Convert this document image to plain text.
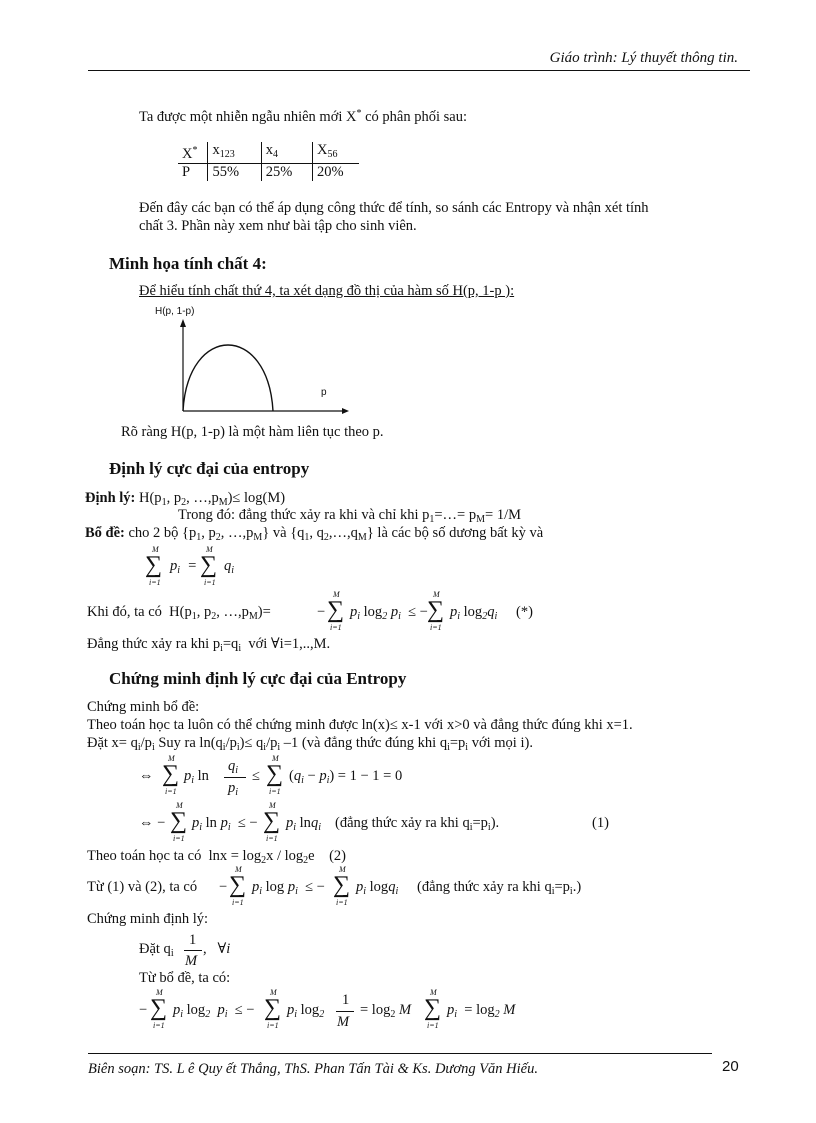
Giáo trình: Lý thuyết thông tin.
Ta được một nhiễn ngẫu nhiên mới X* có phân phối sau:
X*	$x_{123}$	$x_4$	$X_{56}$
P	55%	25%	20%
Đến đây các bạn có thể áp dụng công thức để tính, so sánh các Entropy và nhận xét tính
chất 3. Phần này xem như bài tập cho sinh viên.
Minh họa tính chất 4:
Để hiểu tính chất thứ 4, ta xét dạng đồ thị của hàm số H(p, 1-p ):
H(p, 1-p)
p
Rõ ràng H(p, 1-p) là một hàm liên tục theo p.
Định lý cực đại của entropy
Định lý: $H(p_1$, $p_2$, $\dots,p_M)\le \log(M)$
Trong đó: đẳng thức xảy ra khi và chỉ khi $p_1=\dots= p_M= 1/M$
Bổ đề: cho 2 bộ {$p_1$, $p_2$, $\dots,p_M$} và {$q_1$, $q_2,\dots,q_M$} là các bộ số dương bất kỳ và
M
∑
i=1
$p_i$  =
M
∑
i=1
$q_i$
Khi đó, ta có  $H(p_1$, $p_2$, $\dots,p_M)=$	−
M
∑
i=1
$p_i$ $\log_2 p_i$ ≤ −
M
∑
i=1
$p_i$ $\log_2q_i$ (*)
Đẳng thức xảy ra khi $p_i=q_i$  với ∀i=1,..,M.
Chứng minh định lý cực đại của Entropy
Chứng minh bổ đề:
Theo toán học ta luôn có thể chứng minh được ln(x)≤ x-1 với x>0 và đẳng thức đúng khi x=1.
Đặt $x= q_i/p_i$ Suy ra $\ln(q_i/p_i)\le q_i/p_i$ –1 (và đẳng thức đúng khi $q_i=p_i$ với mọi i).
⇔
M
∑
i=1
$p_i$ ln
$q_i$
$p_i$
≤
M
∑
i=1
$(q_i - p_i) = 1 - 1 = 0$
⇔ −
M
∑
i=1
$p_i$ $\ln p_i$ ≤ −
M
∑
i=1
$p_i$ lnq$_i$ (đẳng thức xảy ra khi $q_i=p_i$).	(1)
Theo toán học ta có  $\ln x = \log_2x / \log_2e$    (2)
Từ (1) và (2), ta có −
M
∑
i=1
$p_i$ $\log p_i$ ≤ −
M
∑
i=1
$p_i$ logq$_i$ (đẳng thức xảy ra khi $q_i=p_i$.)
Chứng minh định lý:
Đặt $q_i$
1
M
,   ∀i
Từ bổ đề, ta có:
−
M
∑
i=1
$p_i$ $\log_2 p_i$ ≤ −
M
∑
i=1
$p_i$ $\log_2$
1
M
= $\log_2 M$
M
∑
i=1
$p_i = \log_2 M$
Biên soạn: TS. L ê Quy ết Thắng, ThS. Phan Tấn Tài & Ks. Dương Văn Hiếu.	20
